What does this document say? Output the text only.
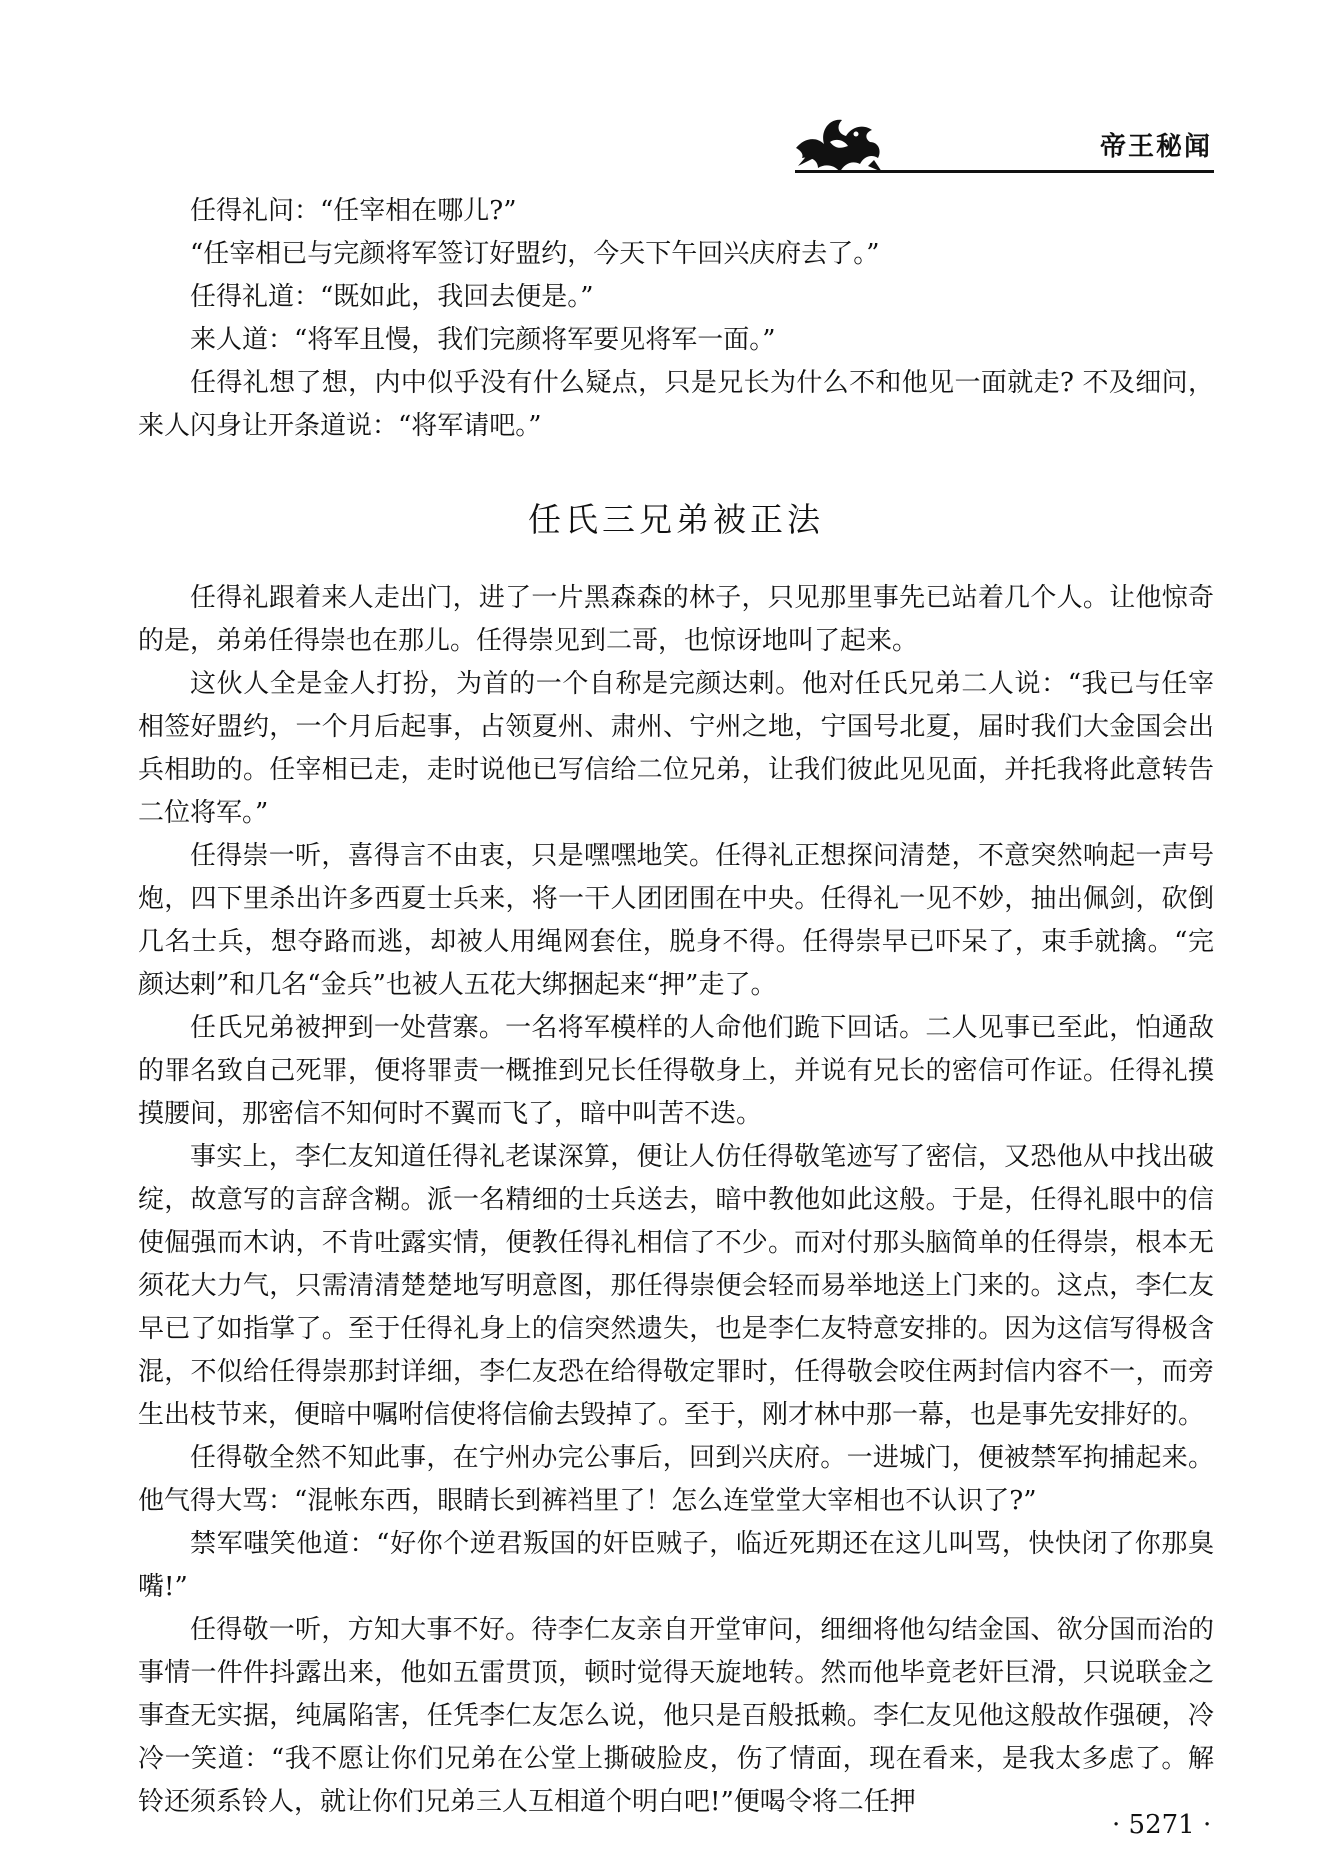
帝王秘闻

任得礼问：“任宰相在哪儿?”

“任宰相已与完颜将军签订好盟约，今天下午回兴庆府去了。”

任得礼道：“既如此，我回去便是。”

来人道：“将军且慢，我们完颜将军要见将军一面。”

任得礼想了想，内中似乎没有什么疑点，只是兄长为什么不和他见一面就走? 不及细问，来人闪身让开条道说：“将军请吧。”

任氏三兄弟被正法

任得礼跟着来人走出门，进了一片黑森森的林子，只见那里事先已站着几个人。让他惊奇的是，弟弟任得崇也在那儿。任得崇见到二哥，也惊讶地叫了起来。

这伙人全是金人打扮，为首的一个自称是完颜达剌。他对任氏兄弟二人说：“我已与任宰相签好盟约，一个月后起事，占领夏州、肃州、宁州之地，宁国号北夏，届时我们大金国会出兵相助的。任宰相已走，走时说他已写信给二位兄弟，让我们彼此见见面，并托我将此意转告二位将军。”

任得崇一听，喜得言不由衷，只是嘿嘿地笑。任得礼正想探问清楚，不意突然响起一声号炮，四下里杀出许多西夏士兵来，将一干人团团围在中央。任得礼一见不妙，抽出佩剑，砍倒几名士兵，想夺路而逃，却被人用绳网套住，脱身不得。任得崇早已吓呆了，束手就擒。“完颜达剌”和几名“金兵”也被人五花大绑捆起来“押”走了。

任氏兄弟被押到一处营寨。一名将军模样的人命他们跪下回话。二人见事已至此，怕通敌的罪名致自己死罪，便将罪责一概推到兄长任得敬身上，并说有兄长的密信可作证。任得礼摸摸腰间，那密信不知何时不翼而飞了，暗中叫苦不迭。

事实上，李仁友知道任得礼老谋深算，便让人仿任得敬笔迹写了密信，又恐他从中找出破绽，故意写的言辞含糊。派一名精细的士兵送去，暗中教他如此这般。于是，任得礼眼中的信使倔强而木讷，不肯吐露实情，便教任得礼相信了不少。而对付那头脑简单的任得崇，根本无须花大力气，只需清清楚楚地写明意图，那任得崇便会轻而易举地送上门来的。这点，李仁友早已了如指掌了。至于任得礼身上的信突然遗失，也是李仁友特意安排的。因为这信写得极含混，不似给任得崇那封详细，李仁友恐在给得敬定罪时，任得敬会咬住两封信内容不一，而旁生出枝节来，便暗中嘱咐信使将信偷去毁掉了。至于，刚才林中那一幕，也是事先安排好的。

任得敬全然不知此事，在宁州办完公事后，回到兴庆府。一进城门，便被禁军拘捕起来。他气得大骂：“混帐东西，眼睛长到裤裆里了！怎么连堂堂大宰相也不认识了?”

禁军嗤笑他道：“好你个逆君叛国的奸臣贼子，临近死期还在这儿叫骂，快快闭了你那臭嘴!”

任得敬一听，方知大事不好。待李仁友亲自开堂审问，细细将他勾结金国、欲分国而治的事情一件件抖露出来，他如五雷贯顶，顿时觉得天旋地转。然而他毕竟老奸巨滑，只说联金之事查无实据，纯属陷害，任凭李仁友怎么说，他只是百般抵赖。李仁友见他这般故作强硬，冷冷一笑道：“我不愿让你们兄弟在公堂上撕破脸皮，伤了情面，现在看来，是我太多虑了。解铃还须系铃人，就让你们兄弟三人互相道个明白吧!”便喝令将二任押

· 5271 ·
